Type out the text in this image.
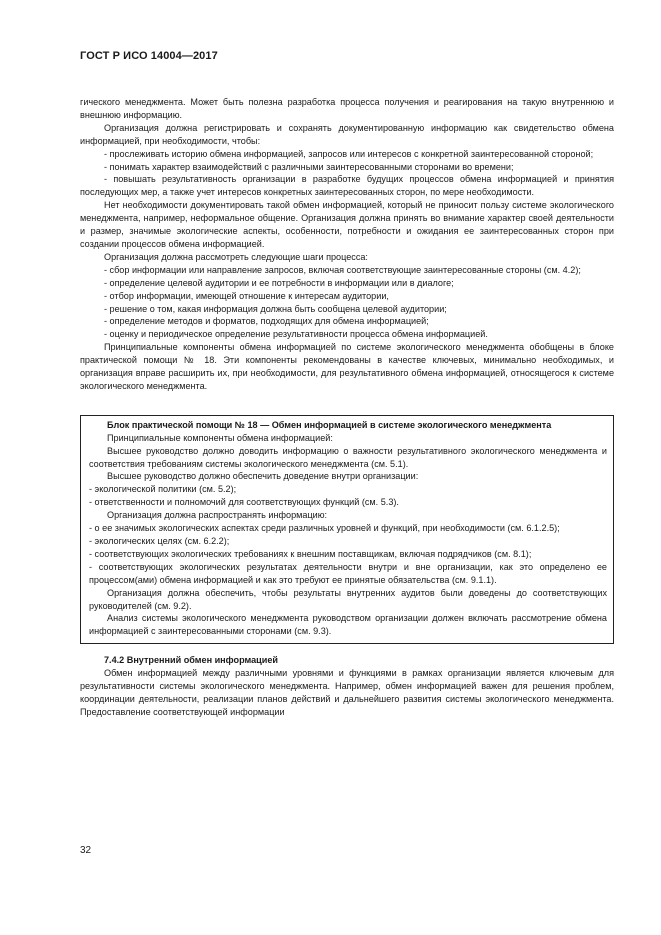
ГОСТ Р ИСО 14004—2017

гического менеджмента. Может быть полезна разработка процесса получения и реагирования на такую внутреннюю и внешнюю информацию.

Организация должна регистрировать и сохранять документированную информацию как свидетельство обмена информацией, при необходимости, чтобы:

- прослеживать историю обмена информацией, запросов или интересов с конкретной заинтересованной стороной;

- понимать характер взаимодействий с различными заинтересованными сторонами во времени;

- повышать результативность организации в разработке будущих процессов обмена информацией и принятия последующих мер, а также учет интересов конкретных заинтересованных сторон, по мере необходимости.

Нет необходимости документировать такой обмен информацией, который не приносит пользу системе экологического менеджмента, например, неформальное общение. Организация должна принять во внимание характер своей деятельности и размер, значимые экологические аспекты, особенности, потребности и ожидания ее заинтересованных сторон при создании процессов обмена информацией.

Организация должна рассмотреть следующие шаги процесса:

- сбор информации или направление запросов, включая соответствующие заинтересованные стороны (см. 4.2);

- определение целевой аудитории и ее потребности в информации или в диалоге;

- отбор информации, имеющей отношение к интересам аудитории,

- решение о том, какая информация должна быть сообщена целевой аудитории;

- определение методов и форматов, подходящих для обмена информацией;

- оценку и периодическое определение результативности процесса обмена информацией.

Принципиальные компоненты обмена информацией по системе экологического менеджмента обобщены в блоке практической помощи № 18. Эти компоненты рекомендованы в качестве ключевых, минимально необходимых, и организация вправе расширить их, при необходимости, для результативного обмена информацией, относящегося к системе экологического менеджмента.

Блок практической помощи № 18 — Обмен информацией в системе экологического менеджмента

Принципиальные компоненты обмена информацией:

Высшее руководство должно доводить информацию о важности результативного экологического менеджмента и соответствия требованиям системы экологического менеджмента (см. 5.1).

Высшее руководство должно обеспечить доведение внутри организации:

- экологической политики (см. 5.2);

- ответственности и полномочий для соответствующих функций (см. 5.3).

Организация должна распространять информацию:

- о ее значимых экологических аспектах среди различных уровней и функций, при необходимости (см. 6.1.2.5);

- экологических целях (см. 6.2.2);

- соответствующих экологических требованиях к внешним поставщикам, включая подрядчиков (см. 8.1);

- соответствующих экологических результатах деятельности внутри и вне организации, как это определено ее процессом(ами) обмена информацией и как это требуют ее принятые обязательства (см. 9.1.1).

Организация должна обеспечить, чтобы результаты внутренних аудитов были доведены до соответствующих руководителей (см. 9.2).

Анализ системы экологического менеджмента руководством организации должен включать рассмотрение обмена информацией с заинтересованными сторонами (см. 9.3).

7.4.2 Внутренний обмен информацией

Обмен информацией между различными уровнями и функциями в рамках организации является ключевым для результативности системы экологического менеджмента. Например, обмен информацией важен для решения проблем, координации деятельности, реализации планов действий и дальнейшего развития системы экологического менеджмента. Предоставление соответствующей информации

32
